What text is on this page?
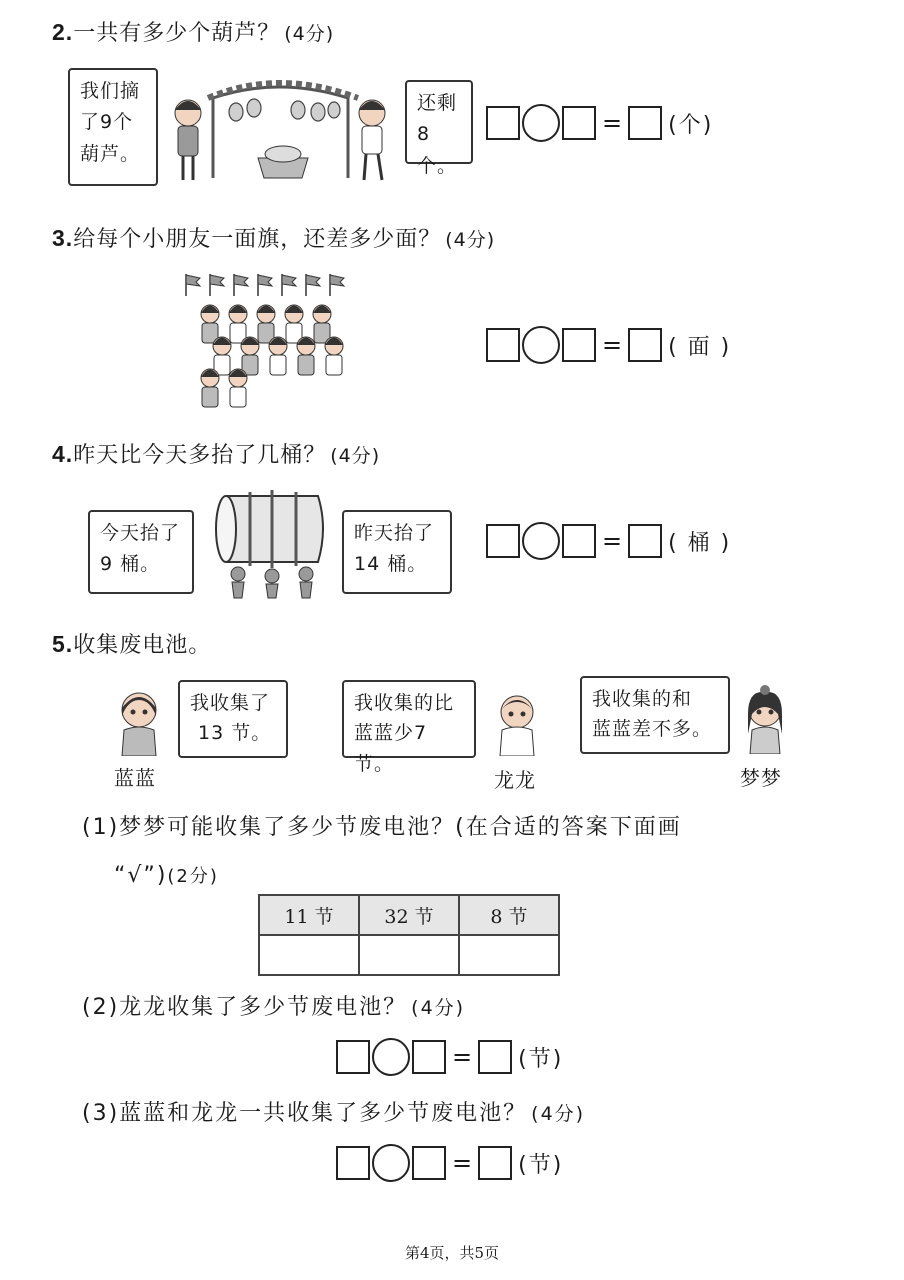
2.一共有多少个葫芦？ (4分)
我们摘
了9个
葫芦。
还剩
8个。
= (个)
3.给每个小朋友一面旗，还差多少面？ (4分)
= ( 面 )
4.昨天比今天多抬了几桶？ (4分)
今天抬了
9 桶。
昨天抬了
14 桶。
= ( 桶 )
5.收集废电池。
蓝蓝
我收集了
13 节。
我收集的比
蓝蓝少7节。
龙龙
我收集的和
蓝蓝差不多。
梦梦
(1)梦梦可能收集了多少节废电池？(在合适的答案下面画
“√”)(2分)
11 节	32 节	8 节

(2)龙龙收集了多少节废电池？ (4分)
= (节)
(3)蓝蓝和龙龙一共收集了多少节废电池？ (4分)
= (节)
第4页，共5页
